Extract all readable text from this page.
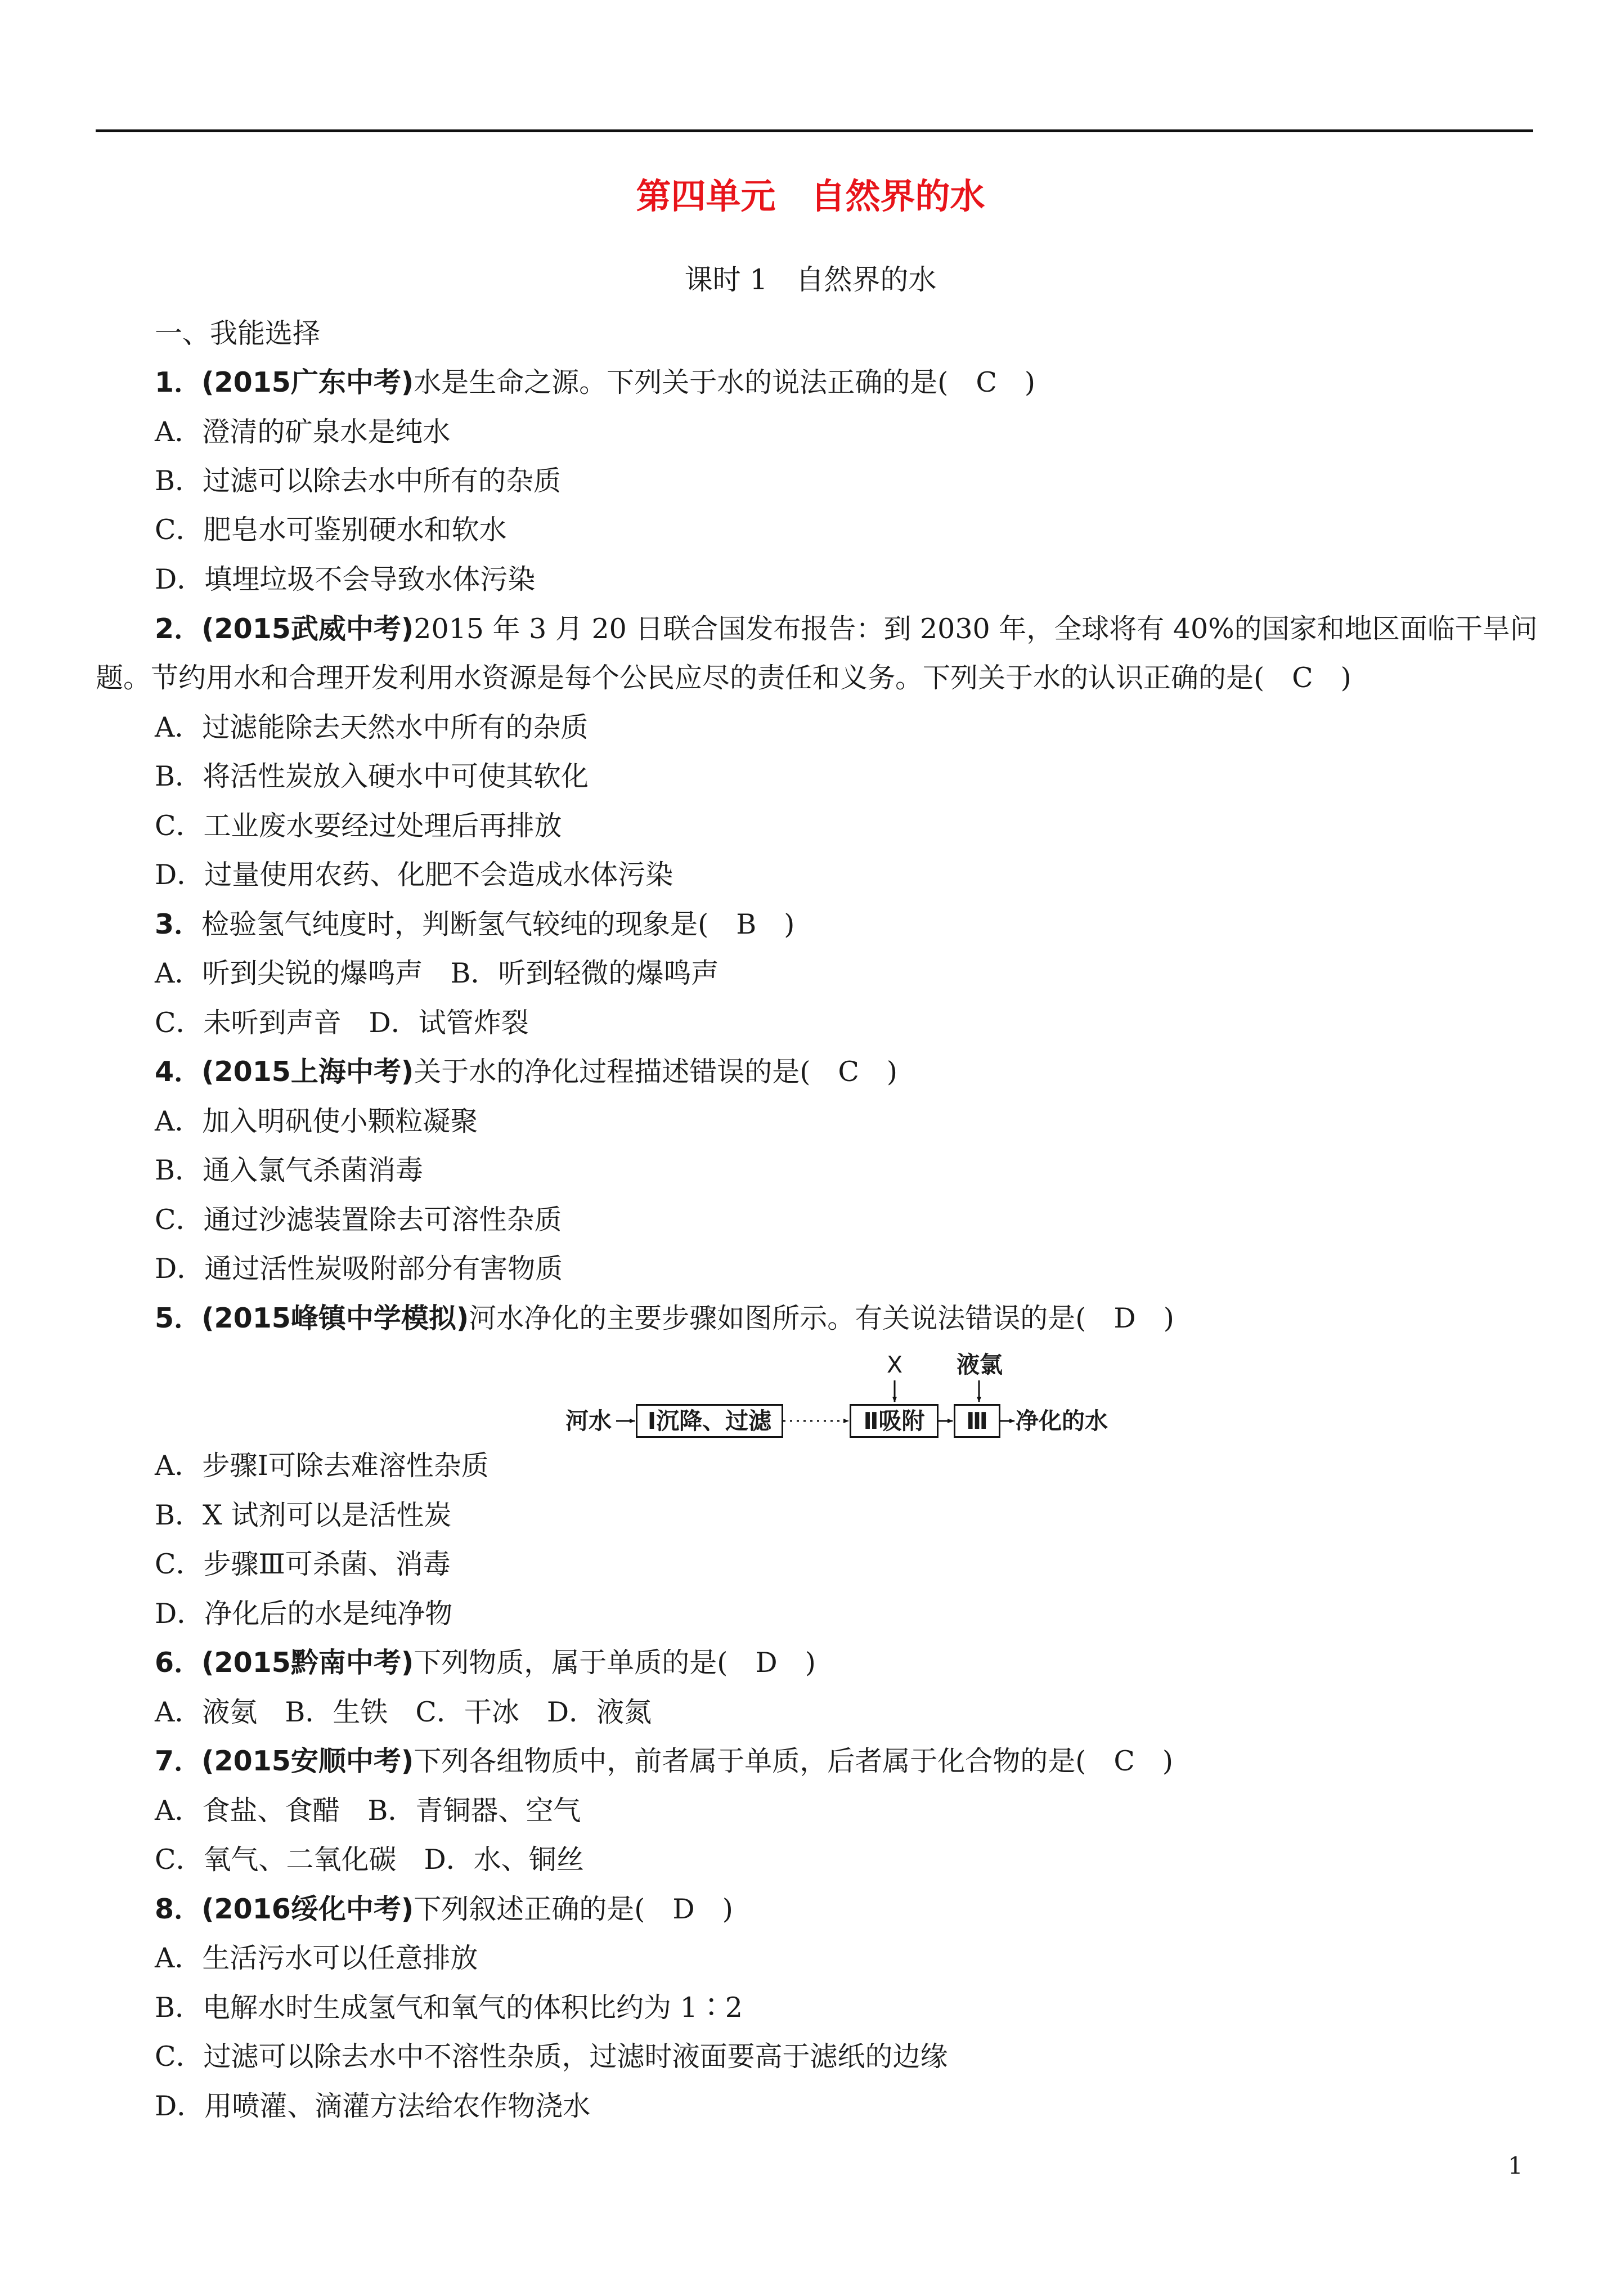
第四单元　自然界的水
课时 1　自然界的水
一、我能选择
1．(2015广东中考)水是生命之源。下列关于水的说法正确的是(　C　)
A．澄清的矿泉水是纯水
B．过滤可以除去水中所有的杂质
C．肥皂水可鉴别硬水和软水
D．填埋垃圾不会导致水体污染
2．(2015武威中考)2015 年 3 月 20 日联合国发布报告：到 2030 年，全球将有 40%的国家和地区面临干旱问
题。节约用水和合理开发利用水资源是每个公民应尽的责任和义务。下列关于水的认识正确的是(　C　)
A．过滤能除去天然水中所有的杂质
B．将活性炭放入硬水中可使其软化
C．工业废水要经过处理后再排放
D．过量使用农药、化肥不会造成水体污染
3．检验氢气纯度时，判断氢气较纯的现象是(　B　)
A．听到尖锐的爆鸣声　B．听到轻微的爆鸣声
C．未听到声音　D．试管炸裂
4．(2015上海中考)关于水的净化过程描述错误的是(　C　)
A．加入明矾使小颗粒凝聚
B．通入氯气杀菌消毒
C．通过沙滤装置除去可溶性杂质
D．通过活性炭吸附部分有害物质
5．(2015峰镇中学模拟)河水净化的主要步骤如图所示。有关说法错误的是(　D　)
河水	Ⅰ沉降、过滤	Ⅱ吸附	Ⅲ
X 液氯
净化的水
A．步骤Ⅰ可除去难溶性杂质
B．X 试剂可以是活性炭
C．步骤Ⅲ可杀菌、消毒
D．净化后的水是纯净物
6．(2015黔南中考)下列物质，属于单质的是(　D　)
A．液氨　B．生铁　C．干冰　D．液氮
7．(2015安顺中考)下列各组物质中，前者属于单质，后者属于化合物的是(　C　)
A．食盐、食醋　B．青铜器、空气
C．氧气、二氧化碳　D．水、铜丝
8．(2016绥化中考)下列叙述正确的是(　D　)
A．生活污水可以任意排放
B．电解水时生成氢气和氧气的体积比约为 1∶2
C．过滤可以除去水中不溶性杂质，过滤时液面要高于滤纸的边缘
D．用喷灌、滴灌方法给农作物浇水
1
